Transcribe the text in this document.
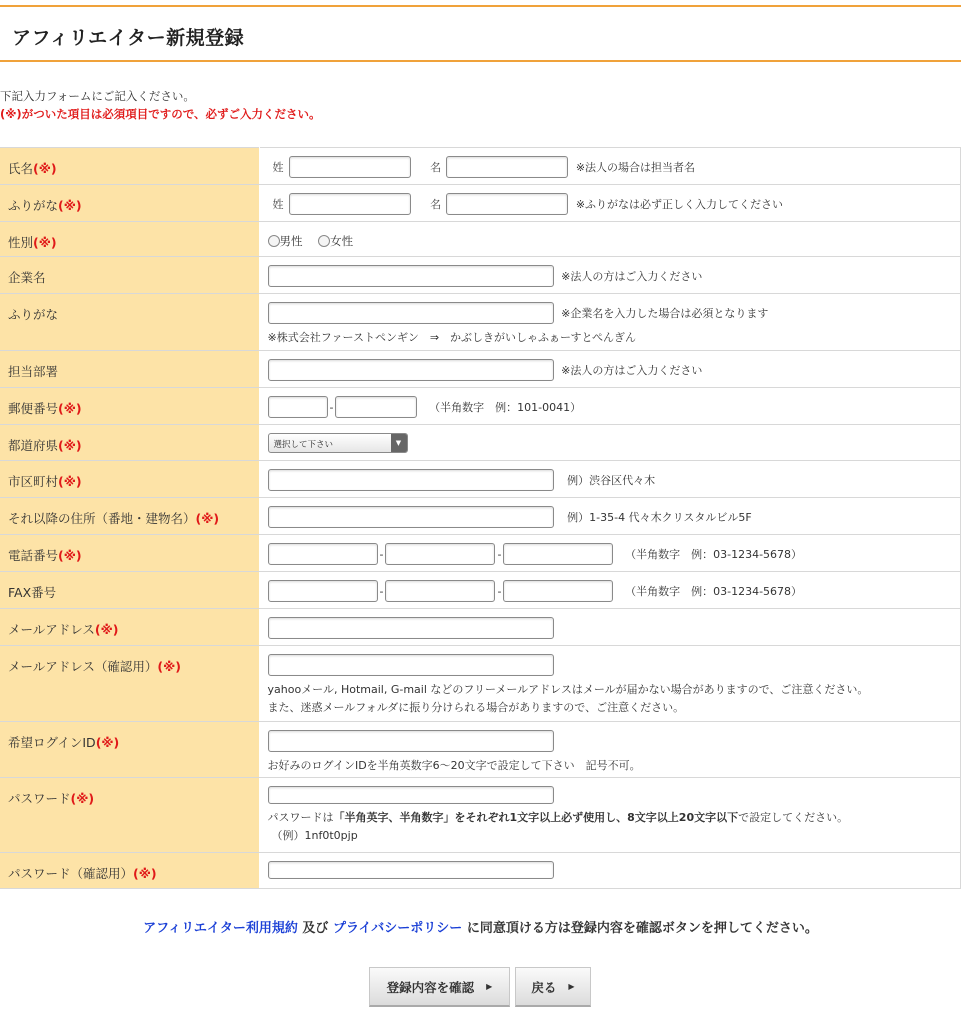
アフィリエイター新規登録
下記入力フォームにご記入ください。
(※)がついた項目は必須項目ですので、必ずご入力ください。
氏名(※)	姓 名 ※法人の場合は担当者名
ふりがな(※)	姓 名 ※ふりがなは必ず正しく入力してください
性別(※)	男性 女性
企業名	※法人の方はご入力ください
ふりがな	※企業名を入力した場合は必須となります
※株式会社ファーストペンギン　⇒　かぶしきがいしゃふぁーすとぺんぎん

担当部署	※法人の方はご入力ください
郵便番号(※)	- （半角数字　例：101-0041）
都道府県(※)	選択して下さい ▼

市区町村(※)	例）渋谷区代々木
それ以降の住所（番地・建物名）(※)	例）1-35-4 代々木クリスタルビル5F
電話番号(※)	- - （半角数字　例：03-1234-5678）
FAX番号	- - （半角数字　例：03-1234-5678）
メールアドレス(※)	
メールアドレス（確認用）(※)	yahooメール, Hotmail, G-mail などのフリーメールアドレスはメールが届かない場合がありますので、ご注意ください。
また、迷惑メールフォルダに振り分けられる場合がありますので、ご注意ください。

希望ログインID(※)	お好みのログインIDを半角英数字6～20文字で設定して下さい　記号不可。

パスワード(※)	パスワードは「半角英字、半角数字」をそれぞれ1文字以上必ず使用し、8文字以上20文字以下で設定してください。
（例）1nf0t0pjp

パスワード（確認用）(※)	
アフィリエイター利用規約 及び プライバシーポリシー に同意頂ける方は登録内容を確認ボタンを押してください。
登録内容を確認 ▶	戻る ▶
